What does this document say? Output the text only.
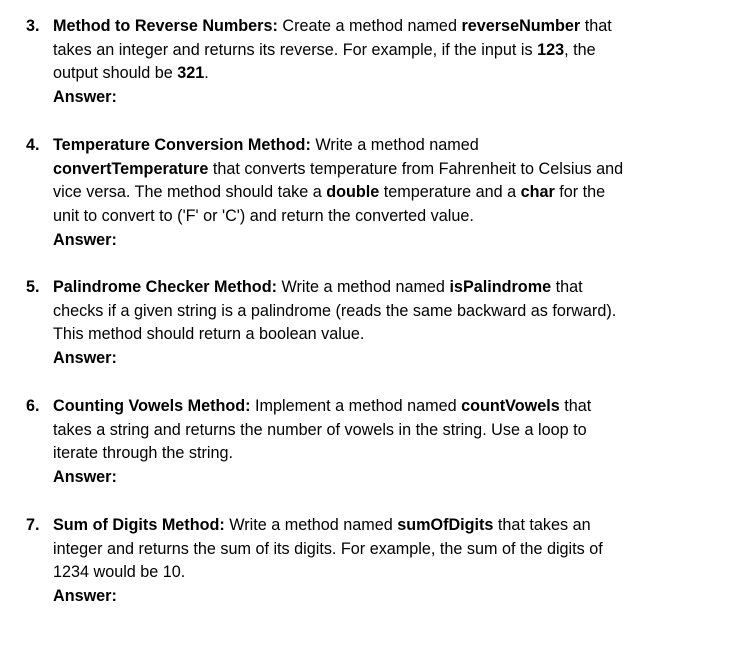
3. Method to Reverse Numbers: Create a method named reverseNumber that
takes an integer and returns its reverse. For example, if the input is 123, the
output should be 321.
Answer:
4. Temperature Conversion Method: Write a method named
convertTemperature that converts temperature from Fahrenheit to Celsius and
vice versa. The method should take a double temperature and a char for the
unit to convert to ('F' or 'C') and return the converted value.
Answer:
5. Palindrome Checker Method: Write a method named isPalindrome that
checks if a given string is a palindrome (reads the same backward as forward).
This method should return a boolean value.
Answer:
6. Counting Vowels Method: Implement a method named countVowels that
takes a string and returns the number of vowels in the string. Use a loop to
iterate through the string.
Answer:
7. Sum of Digits Method: Write a method named sumOfDigits that takes an
integer and returns the sum of its digits. For example, the sum of the digits of
1234 would be 10.
Answer:
